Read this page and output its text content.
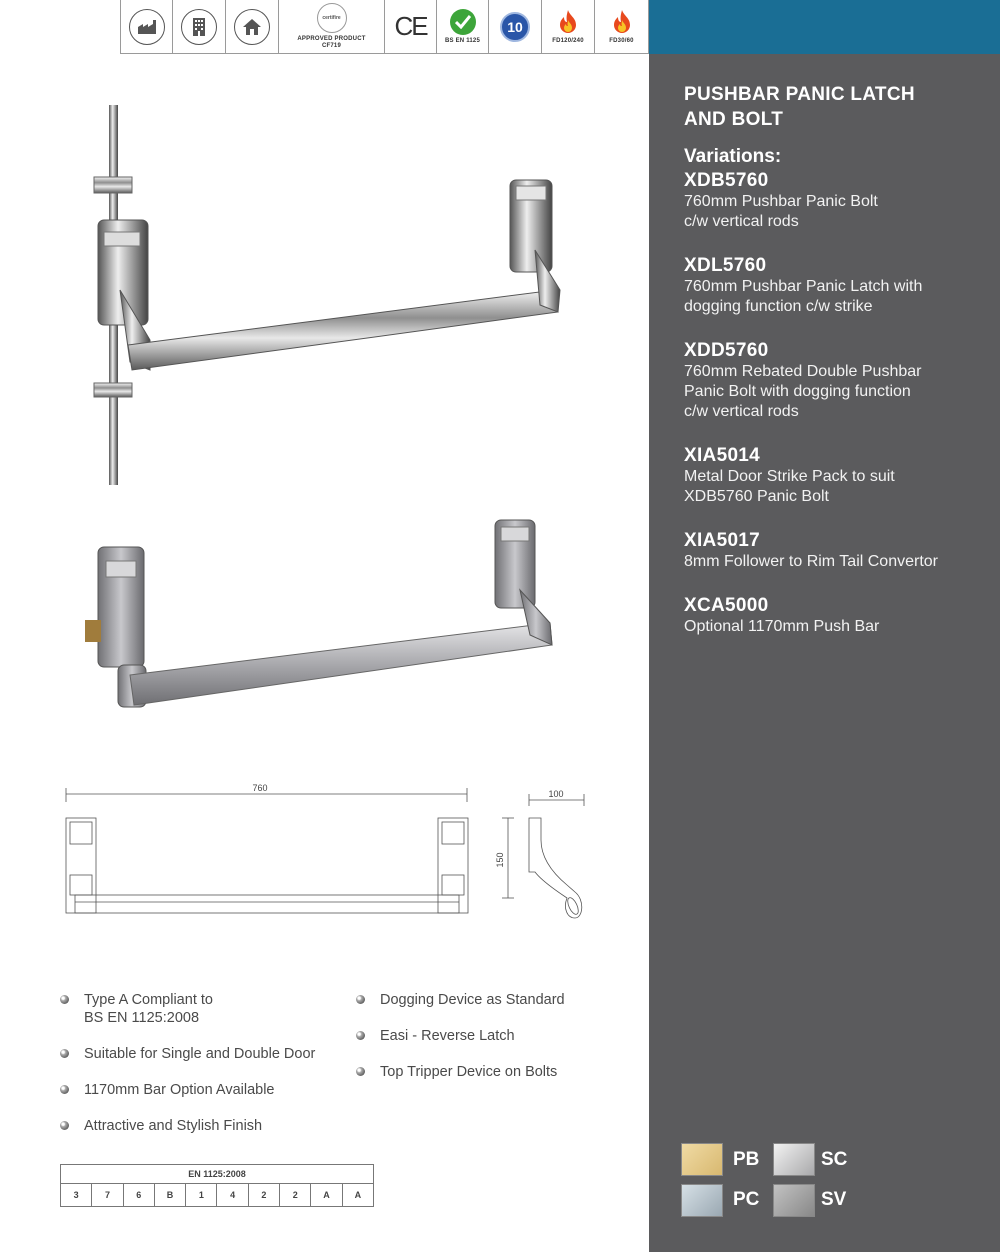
certifire
APPROVED PRODUCT
CF719
CE	BS EN 1125
10
FD120/240	FD30/60
PUSHBAR PANIC LATCH
AND BOLT
Variations:
XDB5760
760mm Pushbar Panic Bolt
c/w vertical rods
XDL5760
760mm Pushbar Panic Latch with
dogging function c/w strike
XDD5760
760mm Rebated Double Pushbar
Panic Bolt with dogging function
c/w vertical rods
XIA5014
Metal Door Strike Pack to suit
XDB5760 Panic Bolt
XIA5017
8mm Follower to Rim Tail Convertor
XCA5000
Optional 1170mm Push Bar
PB	SC
PC	SV
760
100
150
Type A Compliant to
BS EN 1125:2008
Suitable for Single and Double Door
1170mm Bar Option Available
Attractive and Stylish Finish
Dogging Device as Standard
Easi - Reverse Latch
Top Tripper Device on Bolts
EN 1125:2008
3	7	6	B	1	4	2	2	A	A
